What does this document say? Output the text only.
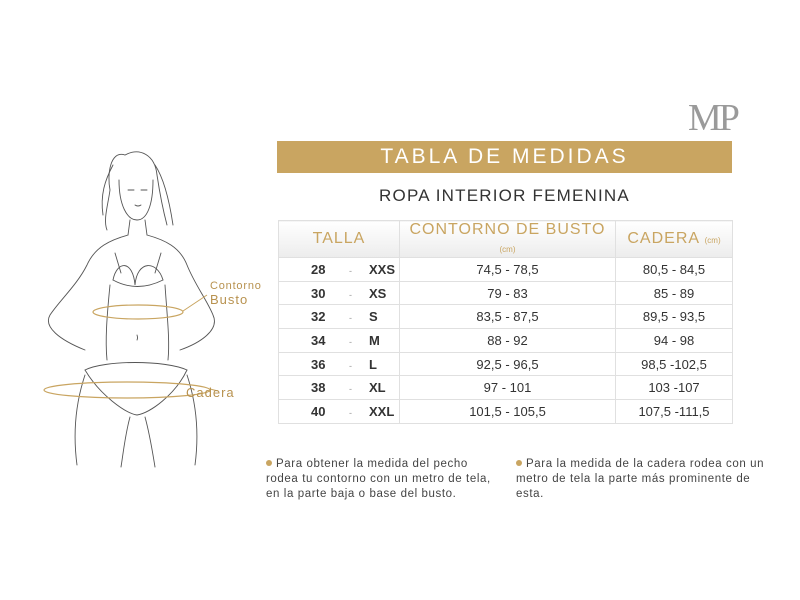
MP
TABLA DE MEDIDAS
ROPA INTERIOR FEMENINA
Contorno
Busto
Cadera
TALLA	CONTORNO DE BUSTO (cm)	CADERA (cm)
28 - XXS	74,5 - 78,5	80,5 - 84,5
30 - XS	79 - 83	85 - 89
32 - S	83,5 - 87,5	89,5 - 93,5
34 - M	88 - 92	94 - 98
36 - L	92,5 - 96,5	98,5 -102,5
38 - XL	97 - 101	103 -107
40 - XXL	101,5 - 105,5	107,5 -111,5
Para obtener la medida del pecho rodea tu contorno con un metro de tela, en la parte baja o base del busto.
Para la medida de la cadera rodea con un metro de tela la parte más prominente de esta.
